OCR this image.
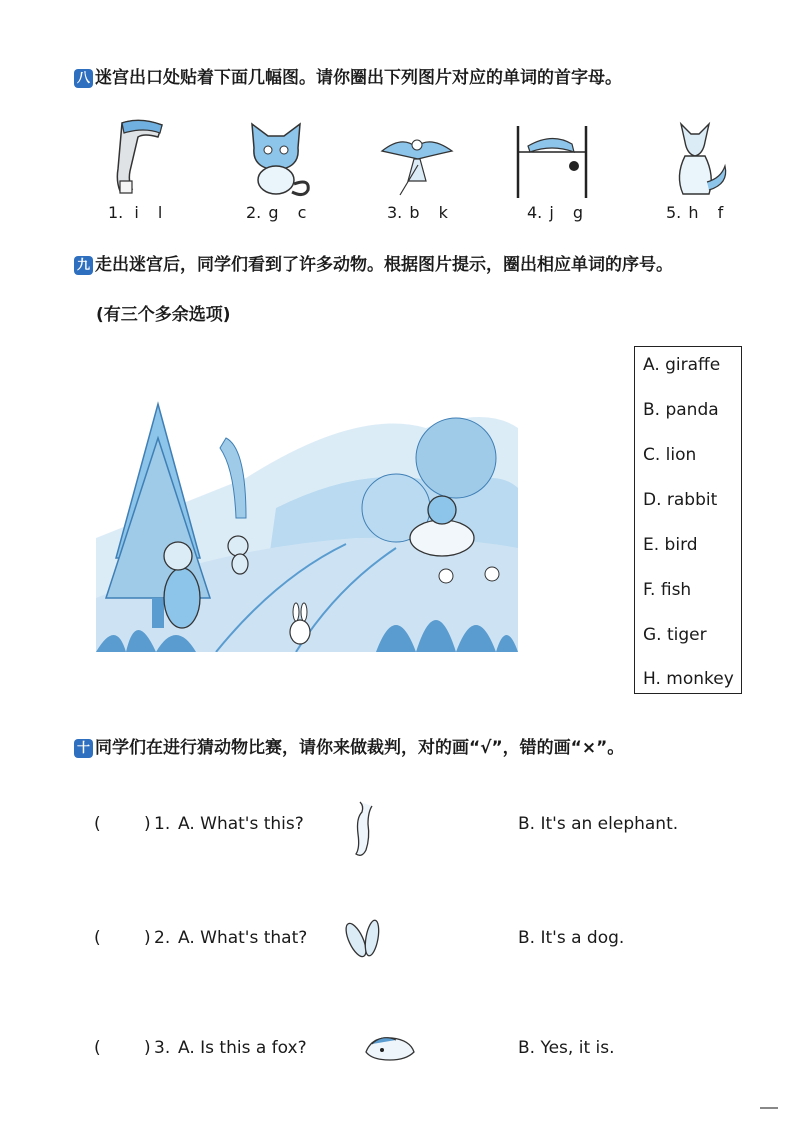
八 迷宫出口处贴着下面几幅图。请你圈出下列图片对应的单词的首字母。
1. i l	2. g c	3. b k	4. j g	5. h f
九 走出迷宫后，同学们看到了许多动物。根据图片提示，圈出相应单词的序号。
(有三个多余选项)
A. giraffe
B. panda
C. lion
D. rabbit
E. bird
F. fish
G. tiger
H. monkey
十 同学们在进行猜动物比赛，请你来做裁判，对的画“√”，错的画“×”。
(	) 1. A. What's this?	B. It's an elephant.
(	) 2. A. What's that?	B. It's a dog.
(	) 3. A. Is this a fox?	B. Yes, it is.
